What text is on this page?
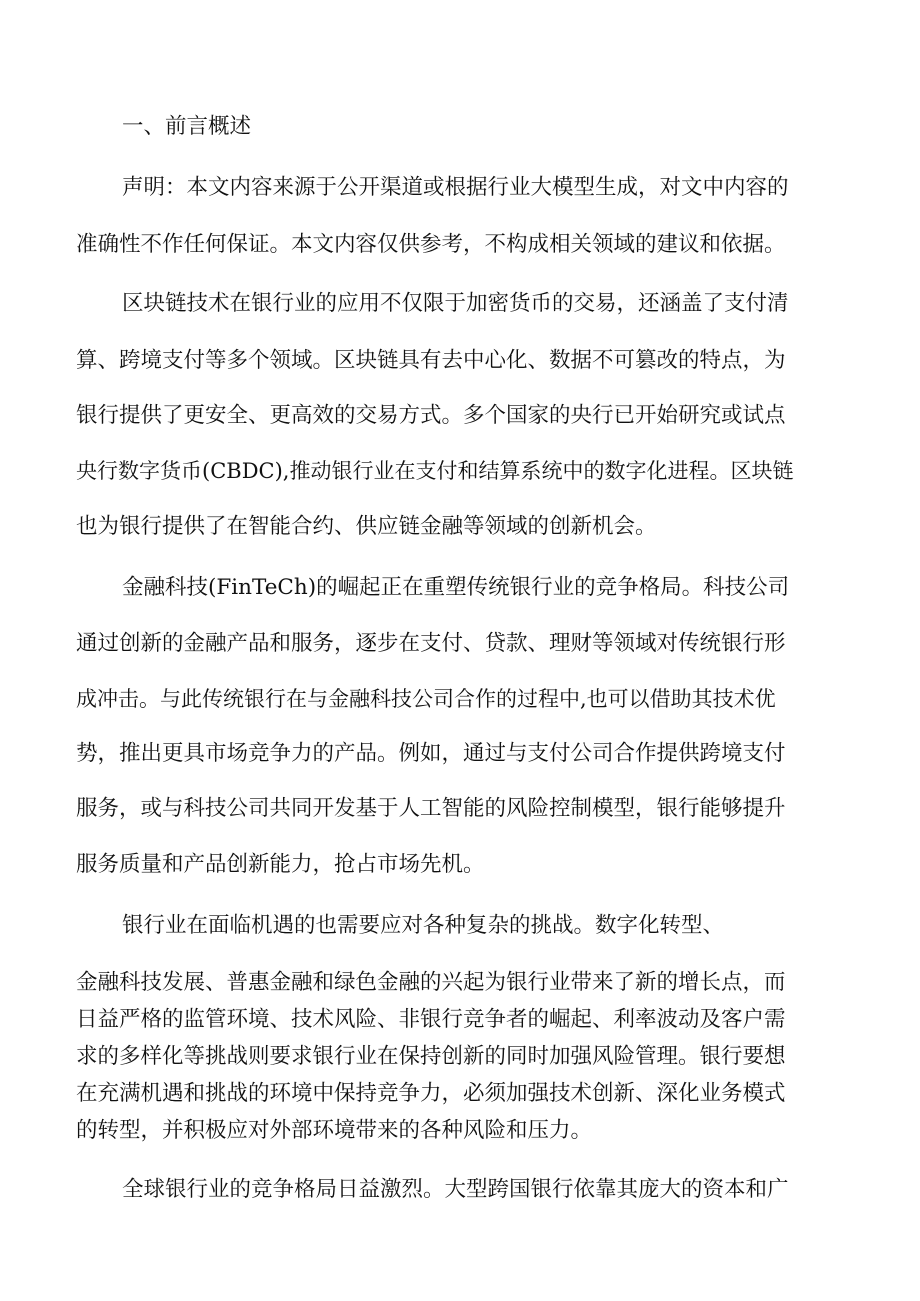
一、前言概述
声明：本文内容来源于公开渠道或根据行业大模型生成，对文中内容的
准确性不作任何保证。本文内容仅供参考，不构成相关领域的建议和依据。
区块链技术在银行业的应用不仅限于加密货币的交易，还涵盖了支付清
算、跨境支付等多个领域。区块链具有去中心化、数据不可篡改的特点，为
银行提供了更安全、更高效的交易方式。多个国家的央行已开始研究或试点
央行数字货币(CBDC),推动银行业在支付和结算系统中的数字化进程。区块链
也为银行提供了在智能合约、供应链金融等领域的创新机会。
金融科技(FinTeCh)的崛起正在重塑传统银行业的竞争格局。科技公司
通过创新的金融产品和服务，逐步在支付、贷款、理财等领域对传统银行形
成冲击。与此传统银行在与金融科技公司合作的过程中,也可以借助其技术优
势，推出更具市场竞争力的产品。例如，通过与支付公司合作提供跨境支付
服务，或与科技公司共同开发基于人工智能的风险控制模型，银行能够提升
服务质量和产品创新能力，抢占市场先机。
银行业在面临机遇的也需要应对各种复杂的挑战。数字化转型、
金融科技发展、普惠金融和绿色金融的兴起为银行业带来了新的增长点，而
日益严格的监管环境、技术风险、非银行竞争者的崛起、利率波动及客户需
求的多样化等挑战则要求银行业在保持创新的同时加强风险管理。银行要想
在充满机遇和挑战的环境中保持竞争力，必须加强技术创新、深化业务模式
的转型，并积极应对外部环境带来的各种风险和压力。
全球银行业的竞争格局日益激烈。大型跨国银行依靠其庞大的资本和广
